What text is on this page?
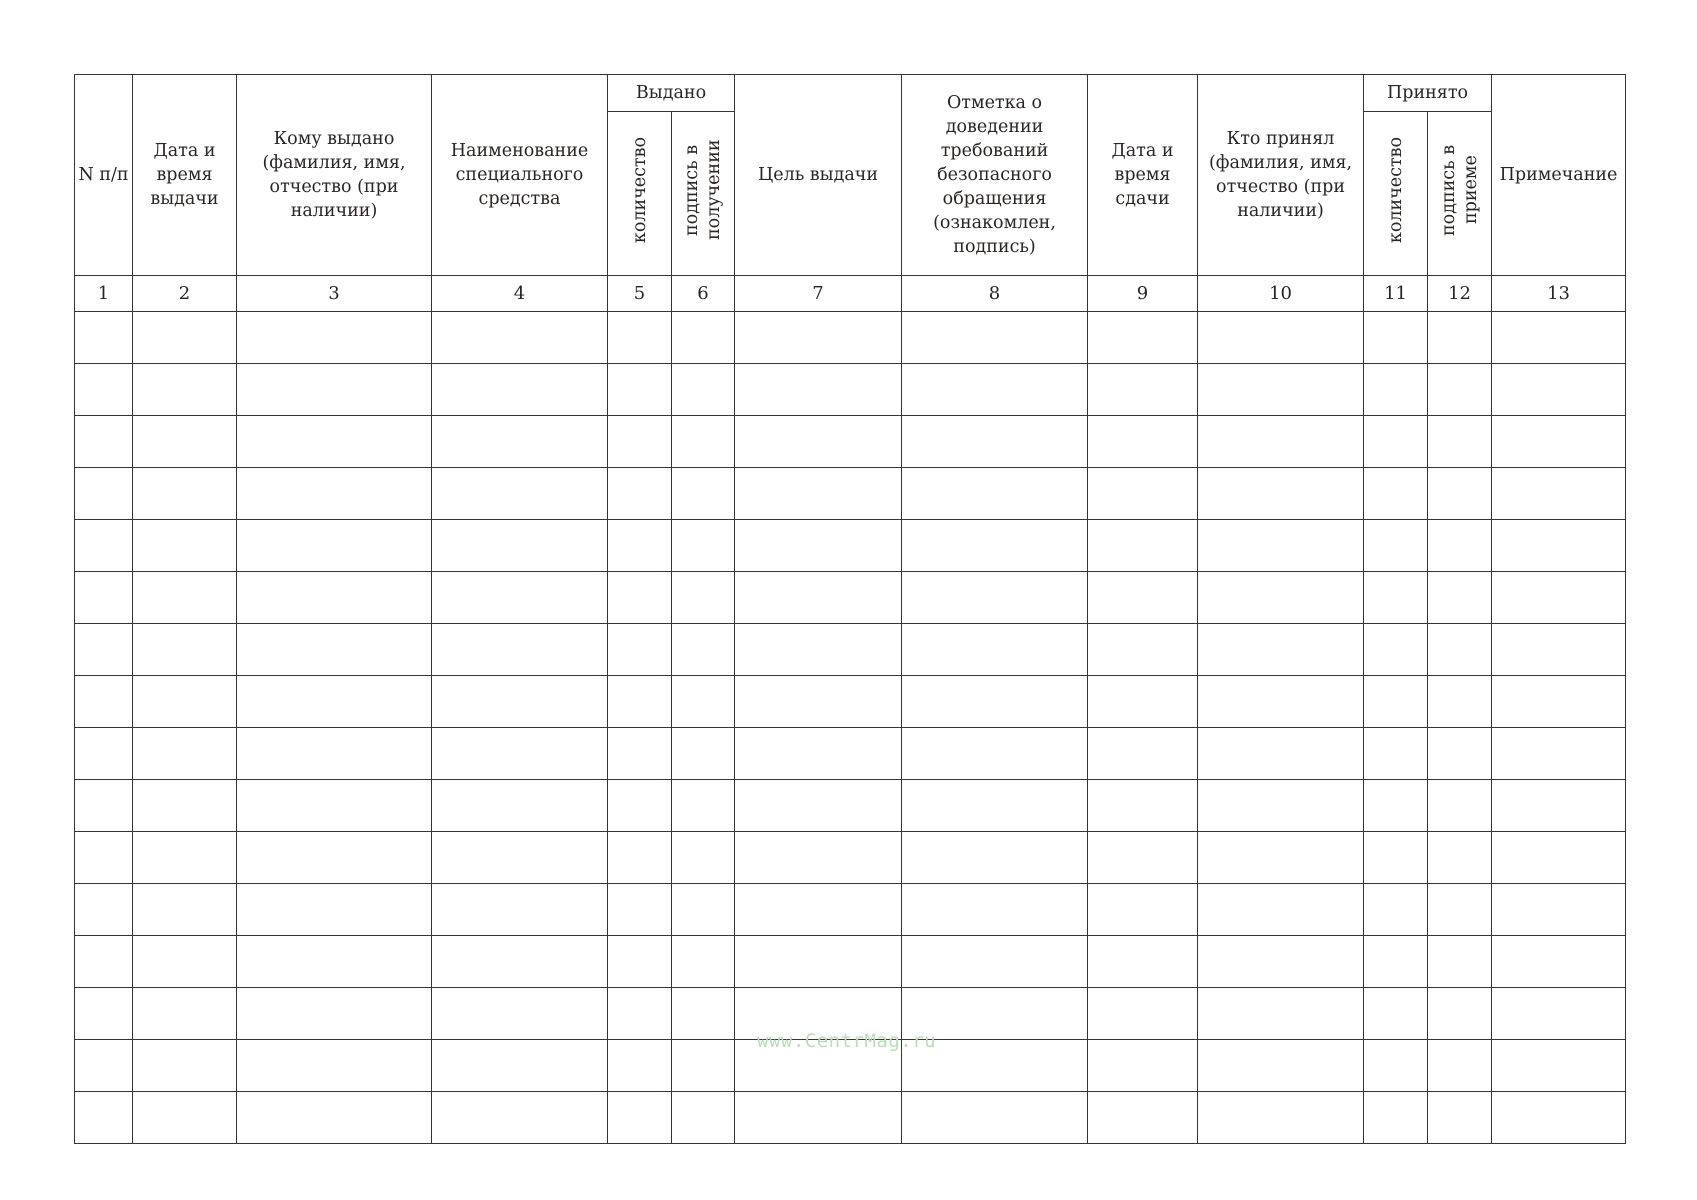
N п/п	Дата и время выдачи	Кому выдано (фамилия, имя, отчество (при наличии)	Наименование специального средства	Выдано		Цель выдачи	Отметка о доведении требований безопасного обращения (ознакомлен, подпись)	Дата и время сдачи	Кто принял (фамилия, имя, отчество (при наличии)	Принято		Примечание
				количество	подпись в получении					количество	подпись в приеме	
1	2	3	4	5	6	7	8	9	10	11	12	13

www.CentrMag.ru
